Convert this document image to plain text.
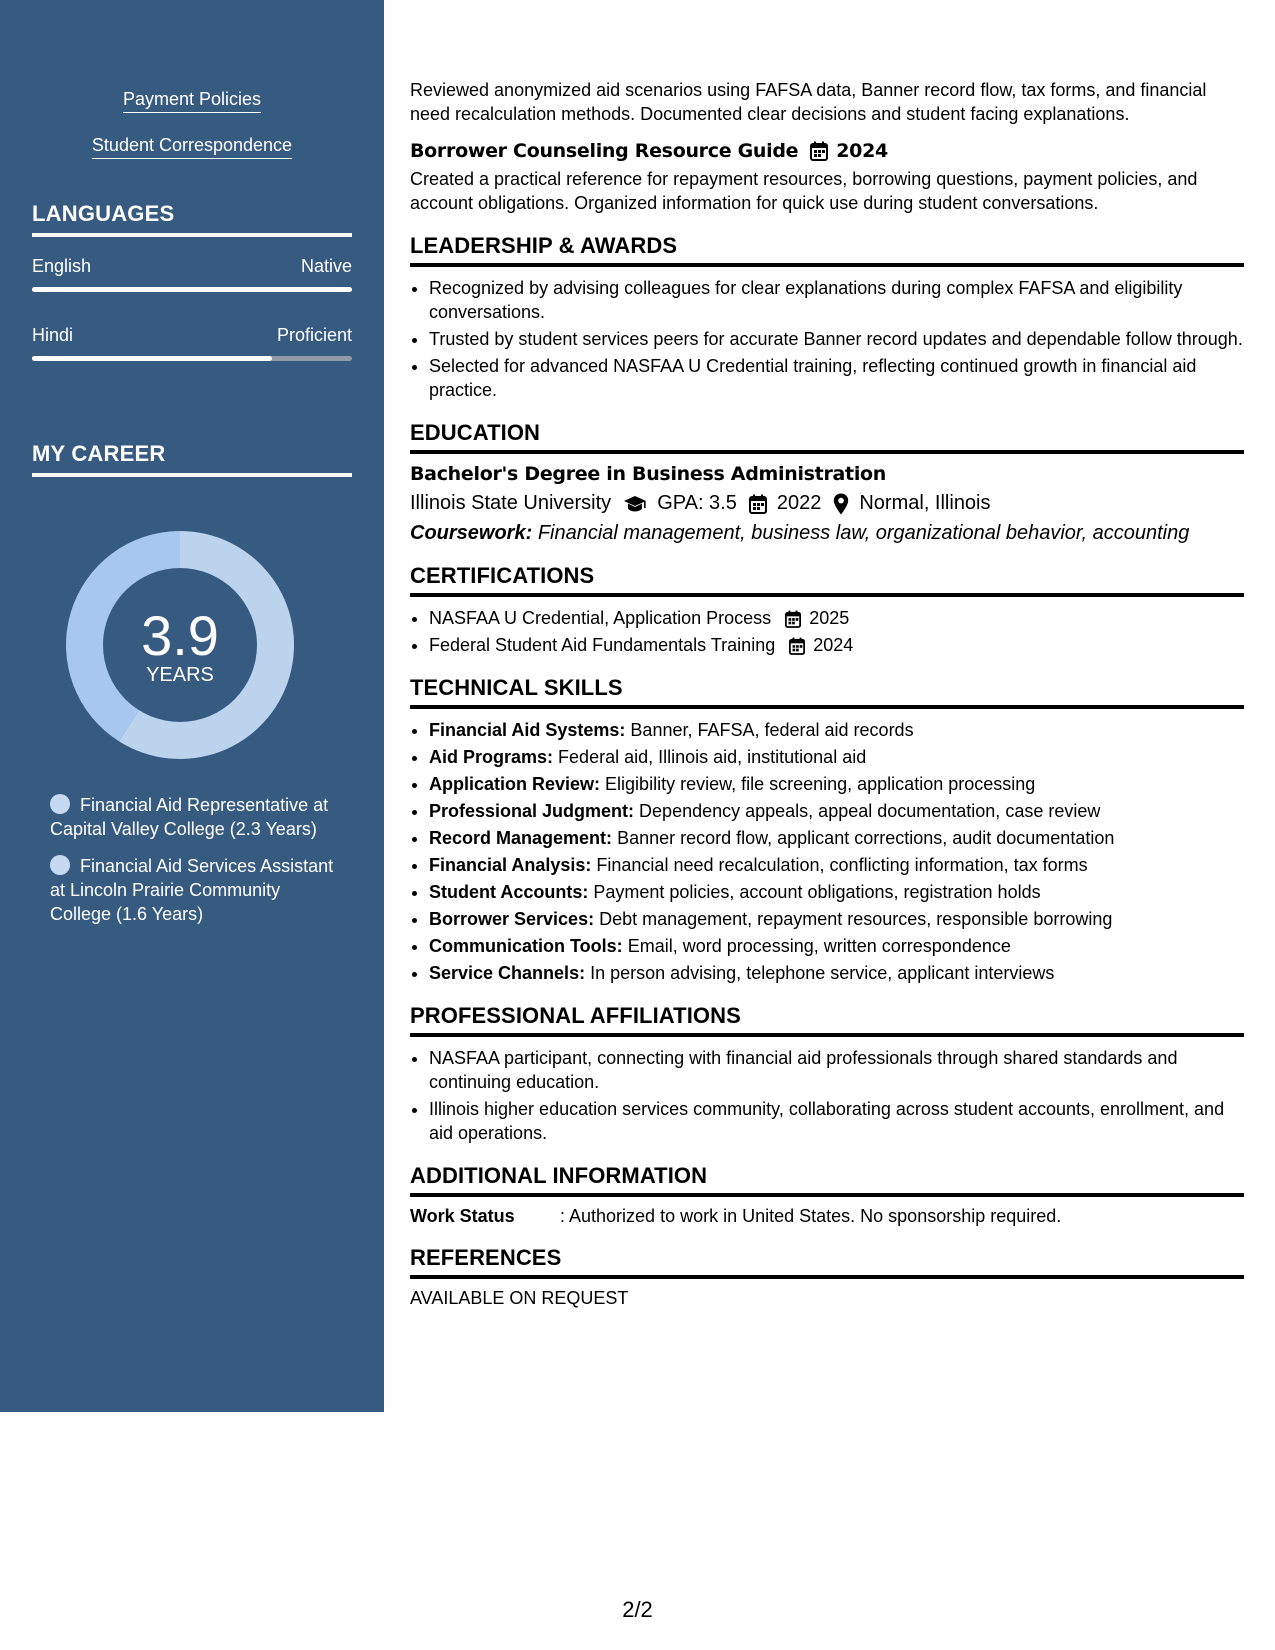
Payment Policies
Student Correspondence
LANGUAGES
English	Native
Hindi	Proficient
MY CAREER
3.9
YEARS
Financial Aid Representative at Capital Valley College (2.3 Years)
Financial Aid Services Assistant at Lincoln Prairie Community College (1.6 Years)

Reviewed anonymized aid scenarios using FAFSA data, Banner record flow, tax forms, and financial need recalculation methods. Documented clear decisions and student facing explanations.

Borrower Counseling Resource Guide 2024

Created a practical reference for repayment resources, borrowing questions, payment policies, and account obligations. Organized information for quick use during student conversations.

LEADERSHIP & AWARDS
• Recognized by advising colleagues for clear explanations during complex FAFSA and eligibility conversations.
• Trusted by student services peers for accurate Banner record updates and dependable follow through.
• Selected for advanced NASFAA U Credential training, reflecting continued growth in financial aid practice.
EDUCATION
Bachelor's Degree in Business Administration
Illinois State University GPA: 3.5 2022 Normal, Illinois
Coursework: Financial management, business law, organizational behavior, accounting
CERTIFICATIONS
• NASFAA U Credential, Application Process 2025
• Federal Student Aid Fundamentals Training 2024
TECHNICAL SKILLS
• Financial Aid Systems: Banner, FAFSA, federal aid records
• Aid Programs: Federal aid, Illinois aid, institutional aid
• Application Review: Eligibility review, file screening, application processing
• Professional Judgment: Dependency appeals, appeal documentation, case review
• Record Management: Banner record flow, applicant corrections, audit documentation
• Financial Analysis: Financial need recalculation, conflicting information, tax forms
• Student Accounts: Payment policies, account obligations, registration holds
• Borrower Services: Debt management, repayment resources, responsible borrowing
• Communication Tools: Email, word processing, written correspondence
• Service Channels: In person advising, telephone service, applicant interviews
PROFESSIONAL AFFILIATIONS
• NASFAA participant, connecting with financial aid professionals through shared standards and continuing education.
• Illinois higher education services community, collaborating across student accounts, enrollment, and aid operations.
ADDITIONAL INFORMATION
Work Status	: Authorized to work in United States. No sponsorship required.
REFERENCES
AVAILABLE ON REQUEST
2/2
